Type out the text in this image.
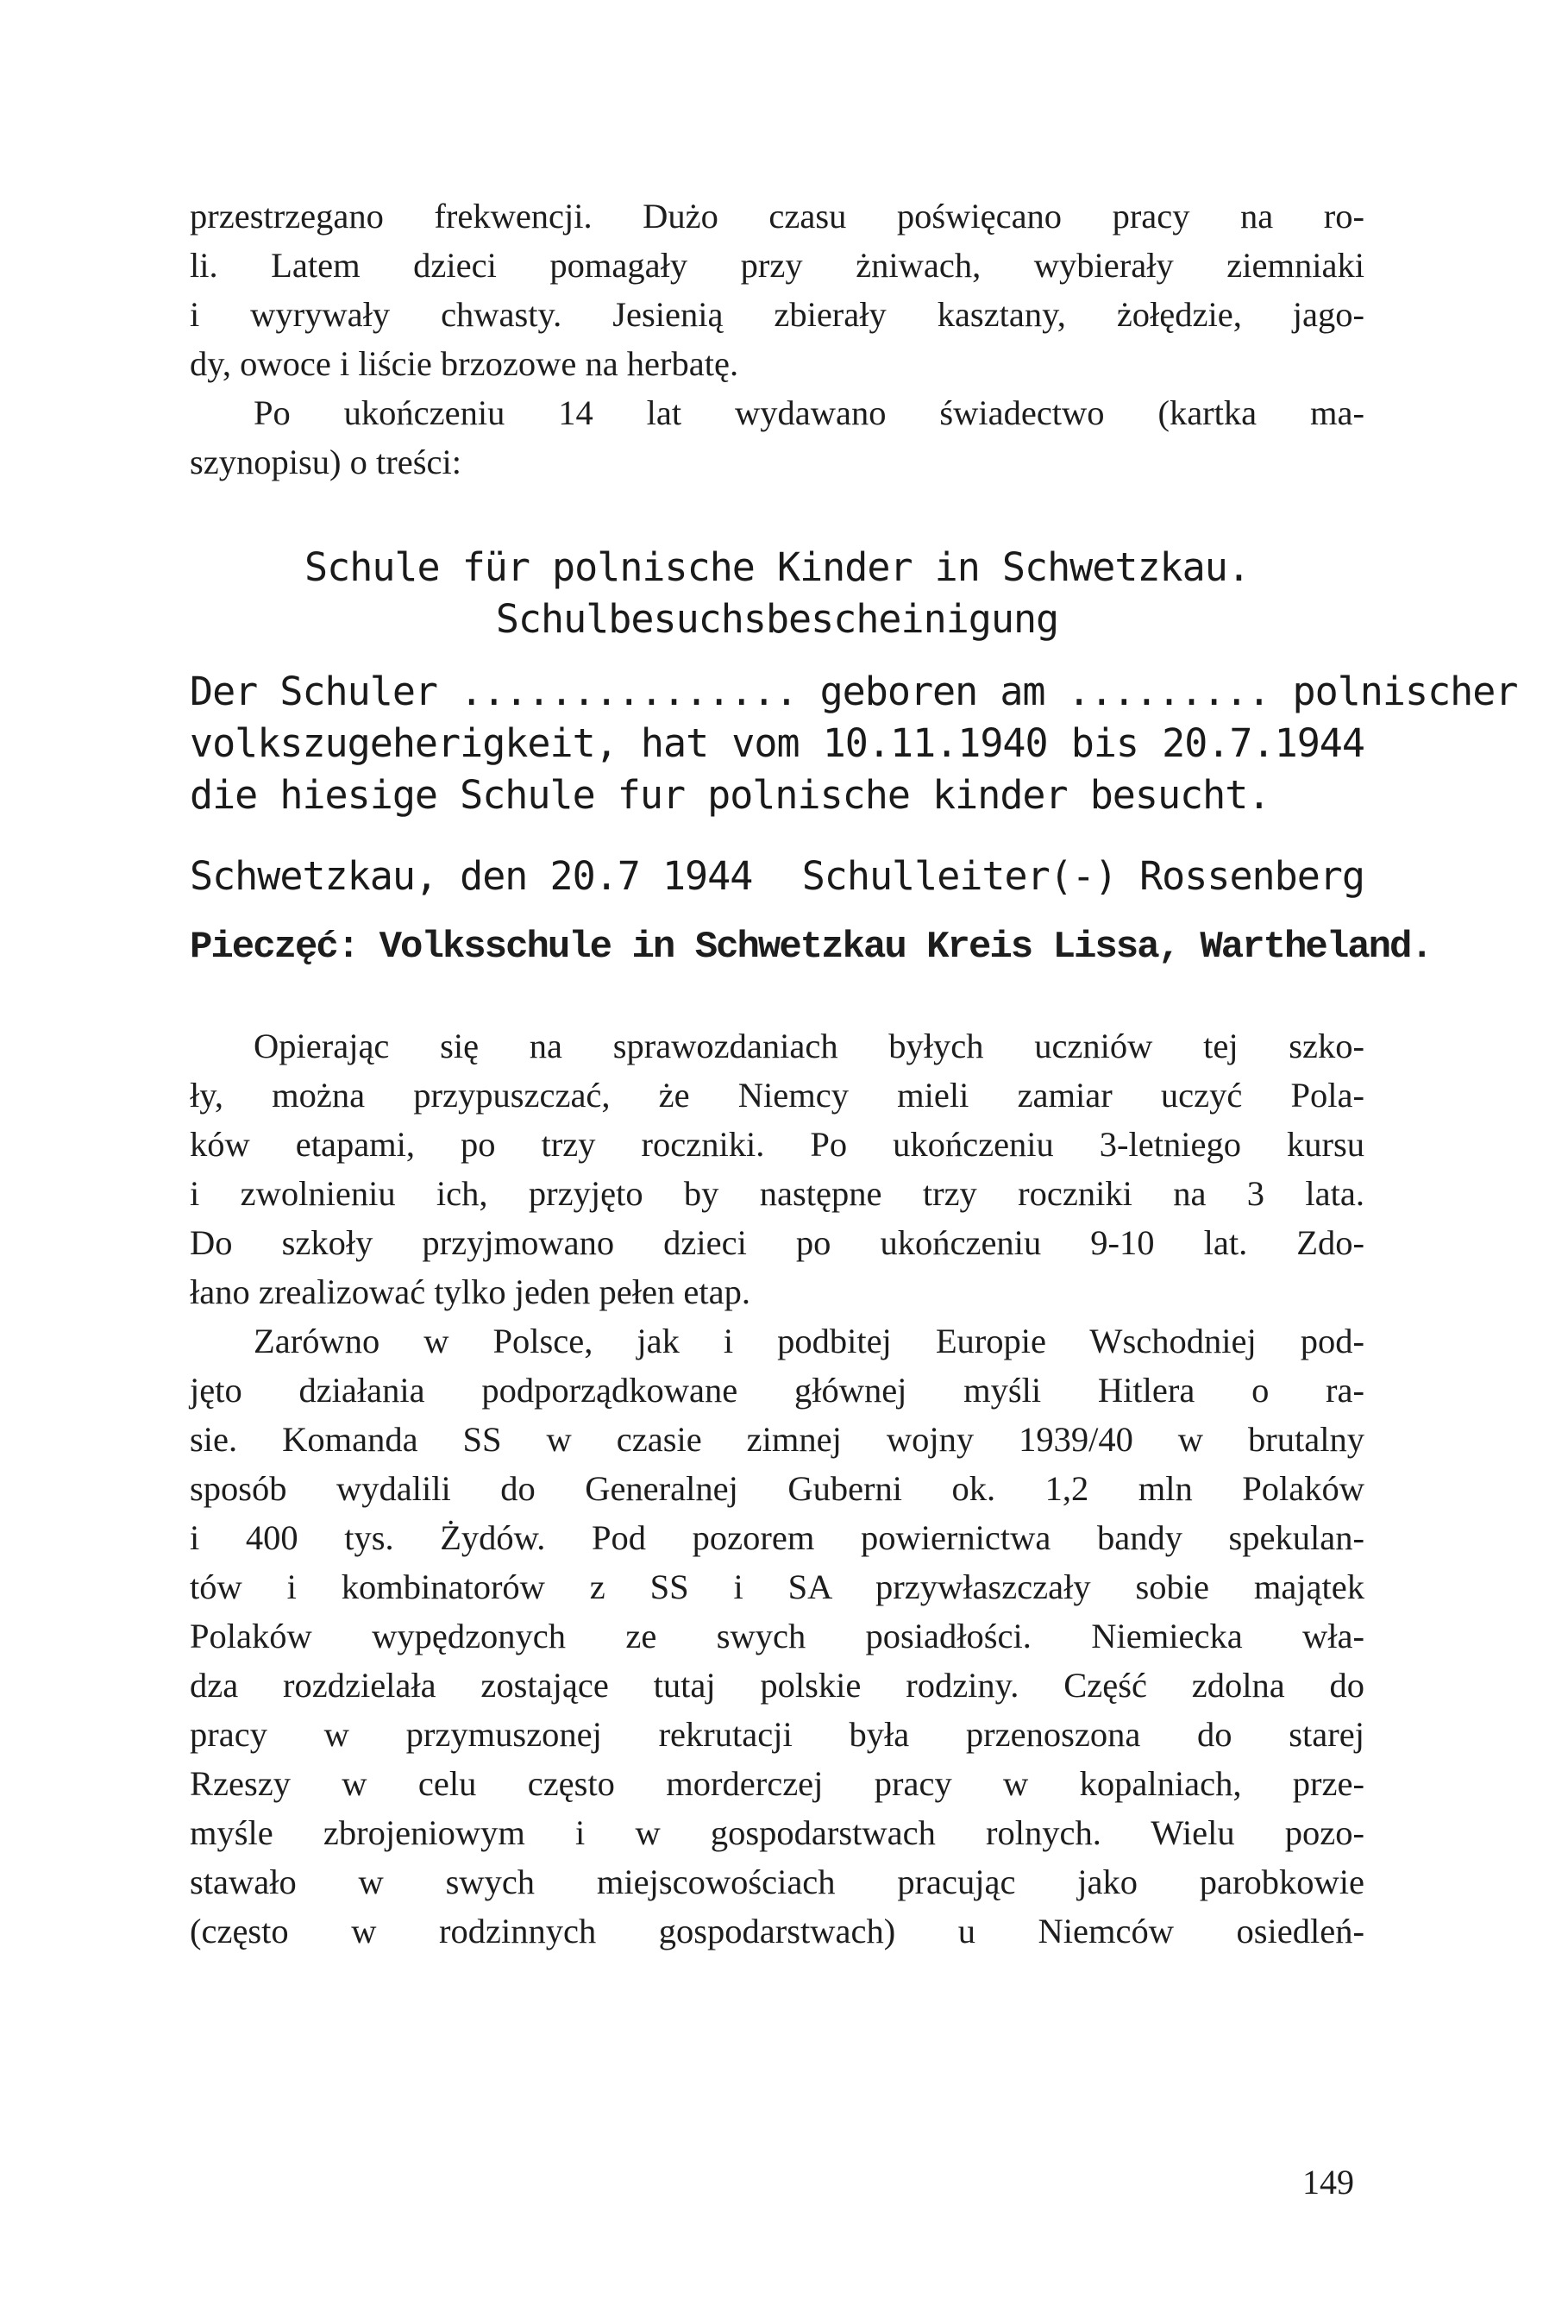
przestrzegano frekwencji. Dużo czasu poświęcano pracy na ro-
li. Latem dzieci pomagały przy żniwach, wybierały ziemniaki
i wyrywały chwasty. Jesienią zbierały kasztany, żołędzie, jago-
dy, owoce i liście brzozowe na herbatę.
Po ukończeniu 14 lat wydawano świadectwo (kartka ma-
szynopisu) o treści:
Schule für polnische Kinder in Schwetzkau.
Schulbesuchsbescheinigung
Der Schuler ............... geboren am ......... polnischer
volkszugeherigkeit, hat vom 10.11.1940 bis 20.7.1944
die hiesige Schule fur polnische kinder besucht.
Schwetzkau, den 20.7 1944 Schulleiter(-) Rossenberg
Pieczęć: Volksschule in Schwetzkau Kreis Lissa, Wartheland.
Opierając się na sprawozdaniach byłych uczniów tej szko-
ły, można przypuszczać, że Niemcy mieli zamiar uczyć Pola-
ków etapami, po trzy roczniki. Po ukończeniu 3-letniego kursu
i zwolnieniu ich, przyjęto by następne trzy roczniki na 3 lata.
Do szkoły przyjmowano dzieci po ukończeniu 9-10 lat. Zdo-
łano zrealizować tylko jeden pełen etap.
Zarówno w Polsce, jak i podbitej Europie Wschodniej pod-
jęto działania podporządkowane głównej myśli Hitlera o ra-
sie. Komanda SS w czasie zimnej wojny 1939/40 w brutalny
sposób wydalili do Generalnej Guberni ok. 1,2 mln Polaków
i 400 tys. Żydów. Pod pozorem powiernictwa bandy spekulan-
tów i kombinatorów z SS i SA przywłaszczały sobie majątek
Polaków wypędzonych ze swych posiadłości. Niemiecka wła-
dza rozdzielała zostające tutaj polskie rodziny. Część zdolna do
pracy w przymuszonej rekrutacji była przenoszona do starej
Rzeszy w celu często morderczej pracy w kopalniach, prze-
myśle zbrojeniowym i w gospodarstwach rolnych. Wielu pozo-
stawało w swych miejscowościach pracując jako parobkowie
(często w rodzinnych gospodarstwach) u Niemców osiedleń-
149
